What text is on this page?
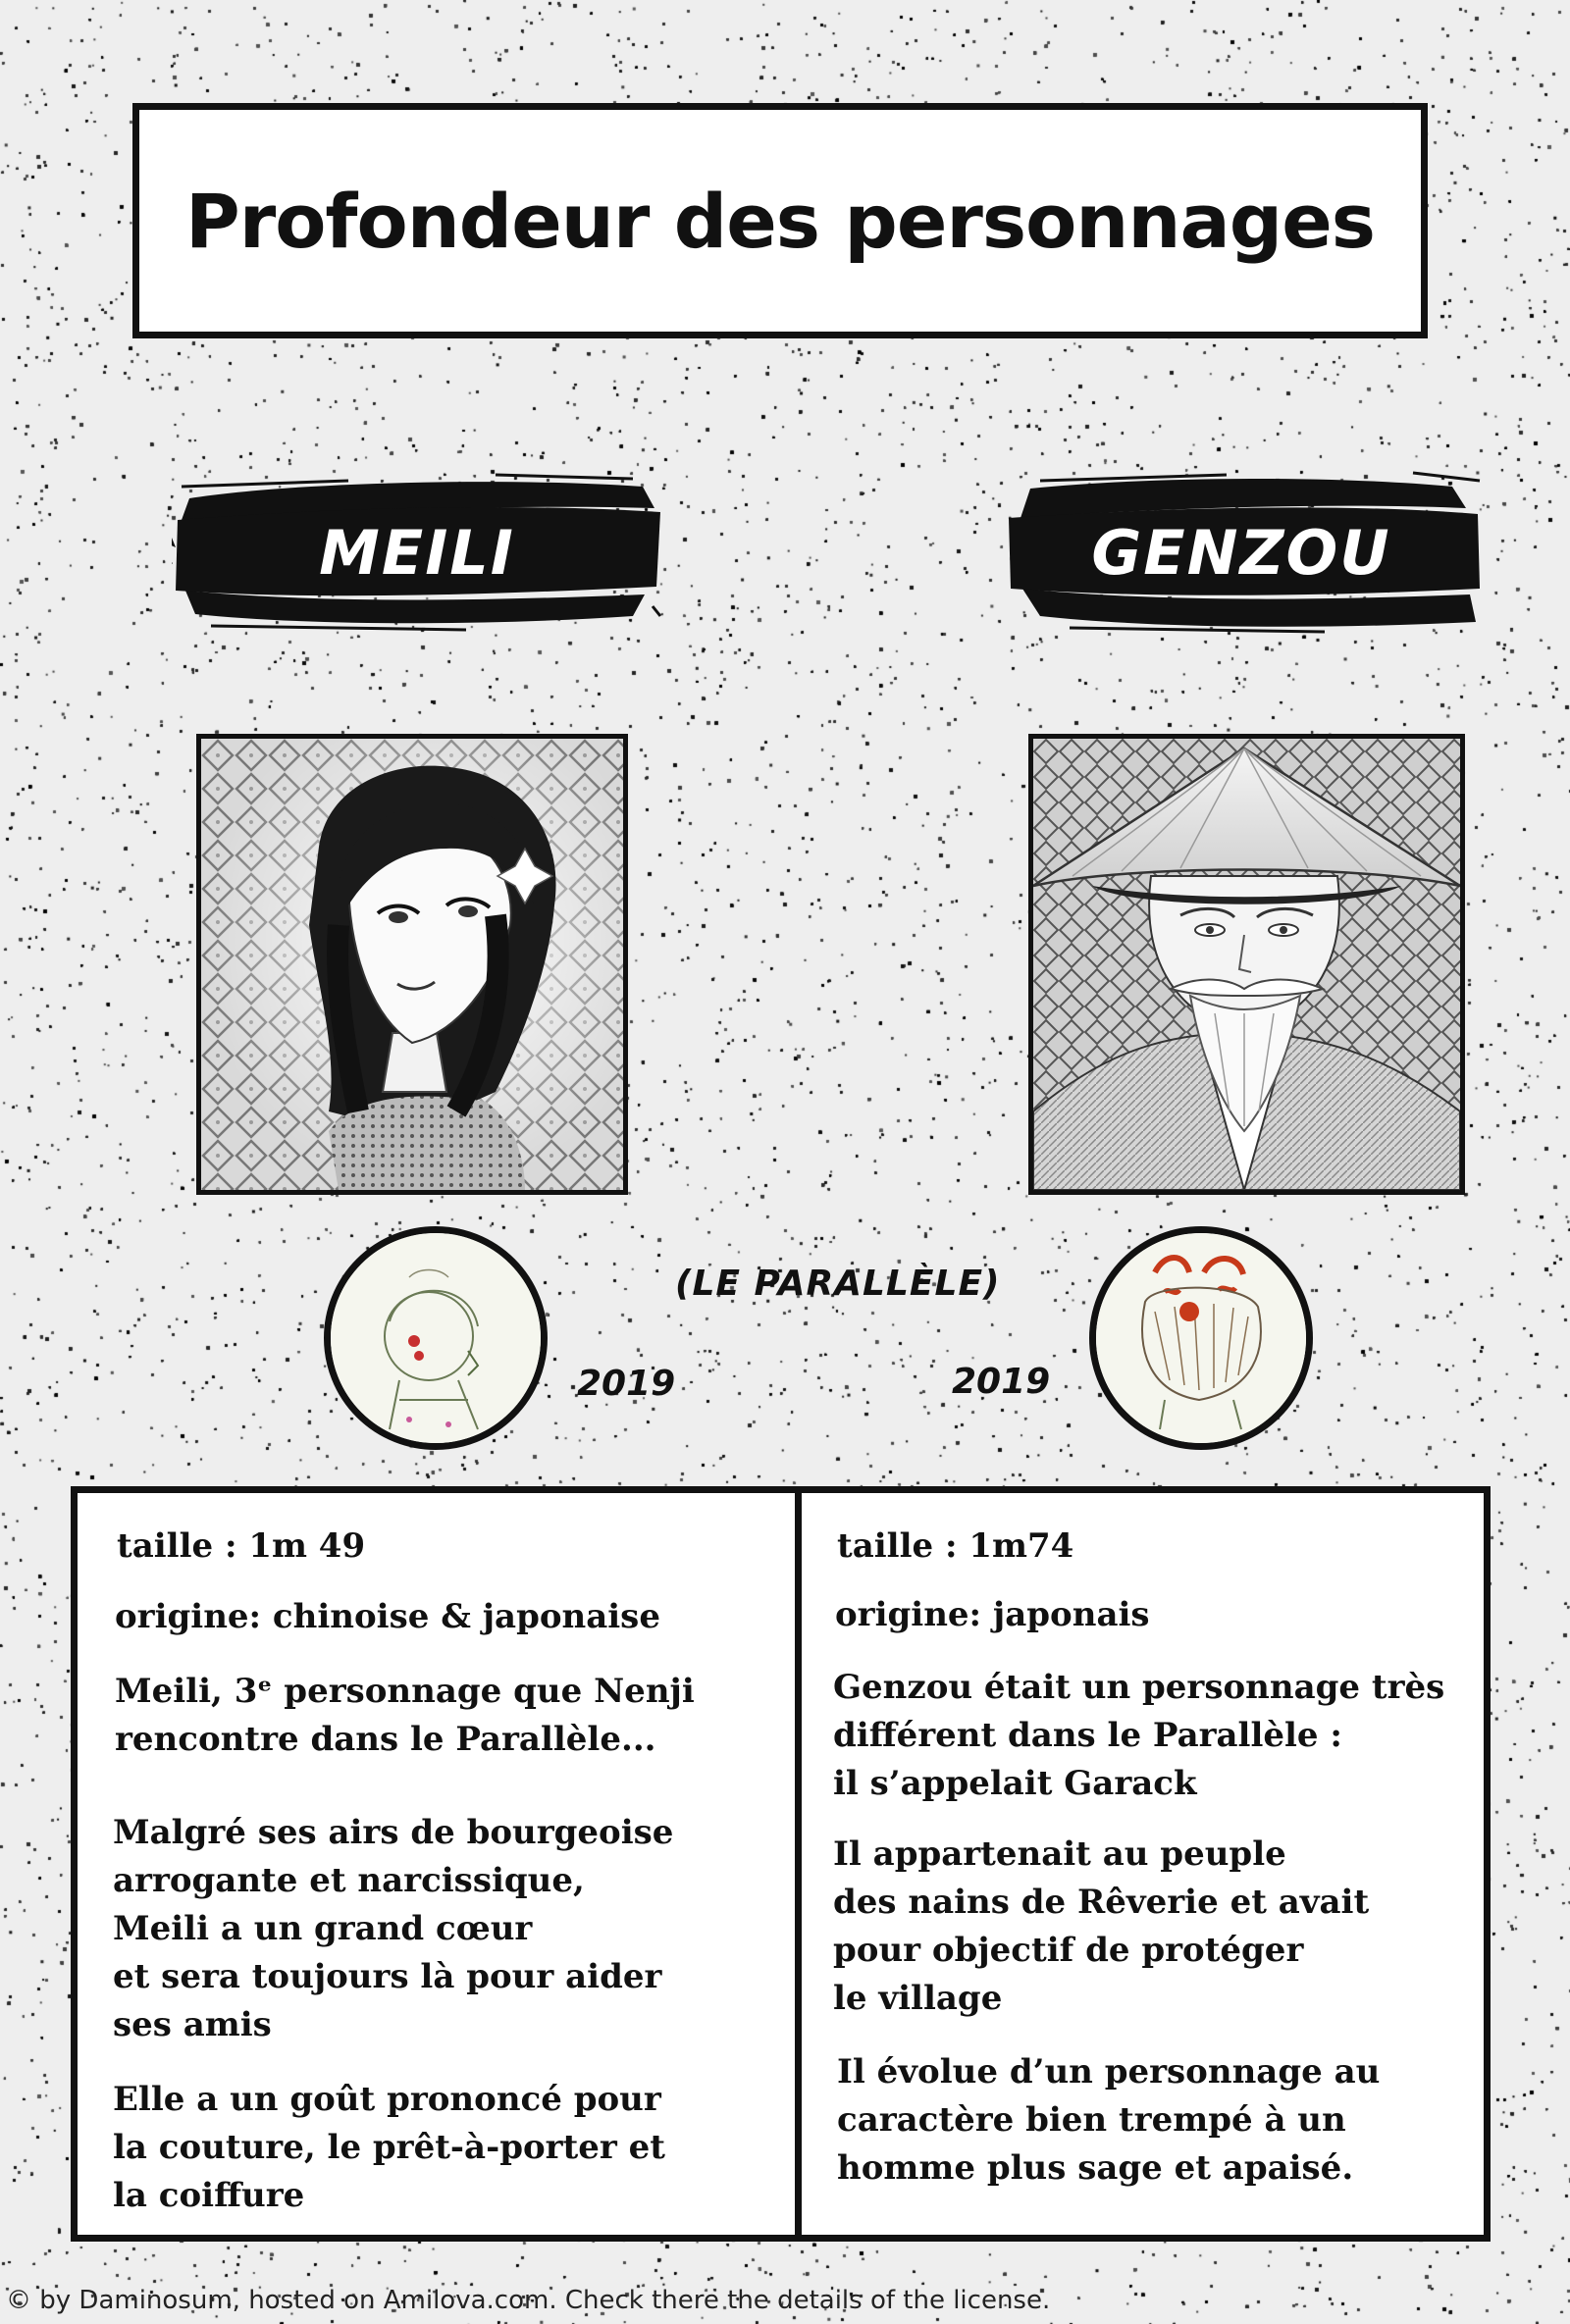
Profondeur des personnages
MEILI	GENZOU
(LE PARALLÈLE)
2019	2019

taille : 1m 49

origine: chinoise & japonaise

Meili, 3ᵉ personnage que Nenji

rencontre dans le Parallèle...

Malgré ses airs de bourgeoise

arrogante et narcissique,

Meili a un grand cœur

et sera toujours là pour aider

ses amis

Elle a un goût prononcé pour

la couture, le prêt-à-porter et

la coiffure

taille : 1m74

origine: japonais

Genzou était un personnage très

différent dans le Parallèle :

il s’appelait Garack

Il appartenait au peuple

des nains de Rêverie et avait

pour objectif de protéger

le village

Il évolue d’un personnage au

caractère bien trempé à un

homme plus sage et apaisé.

© by Daminosum, hosted on Amilova.com. Check there the details of the license.
